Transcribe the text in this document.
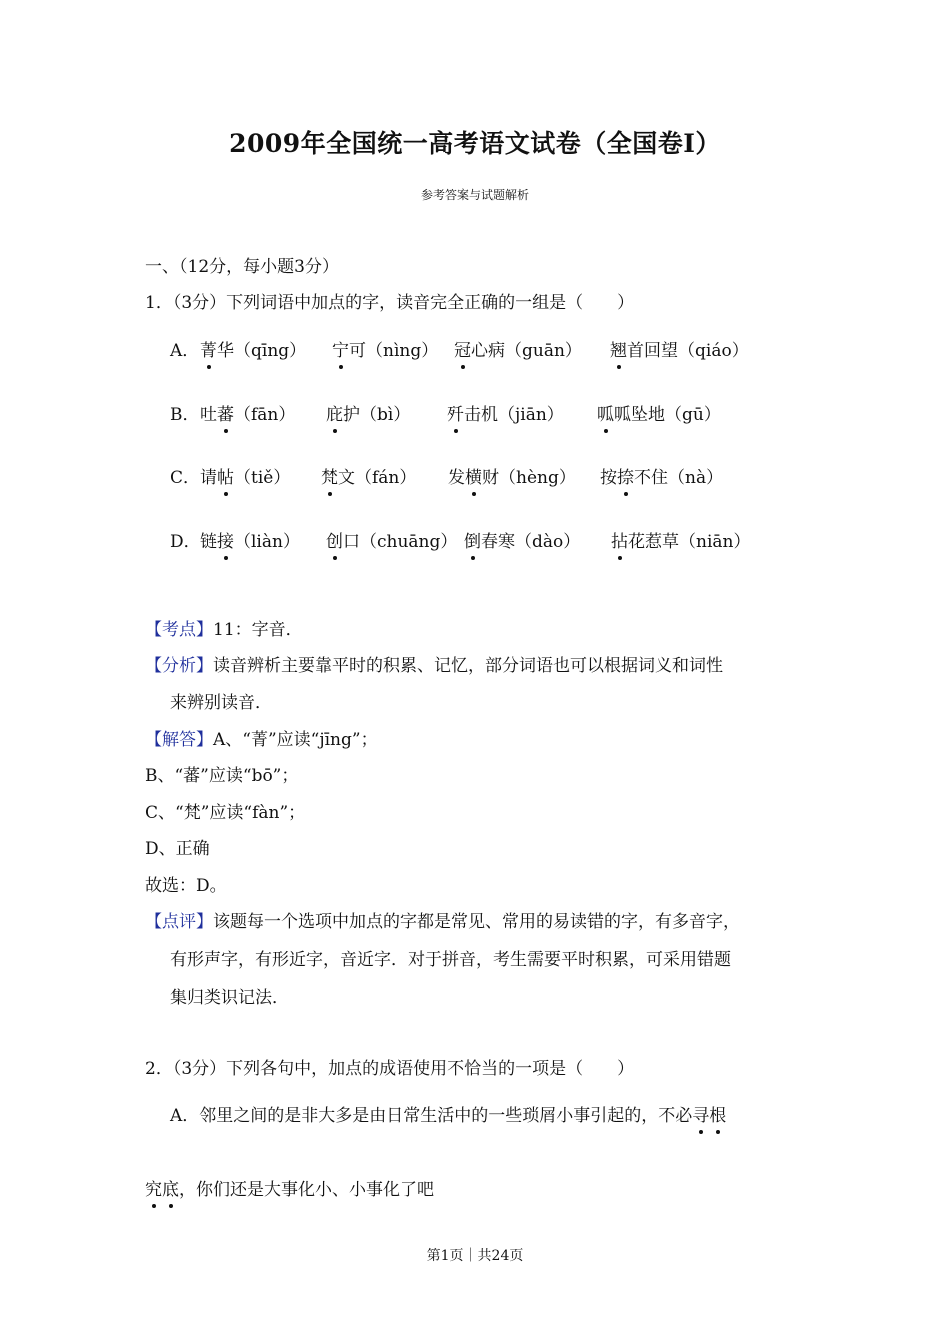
2009年全国统一高考语文试卷（全国卷Ⅰ）
参考答案与试题解析
一、（12分，每小题3分）
1．（3分）下列词语中加点的字，读音完全正确的一组是（　　）
A． 菁华（qīng） 宁可（nìng） 冠心病（guān） 翘首回望（qiáo）
B． 吐蕃（fān） 庇护（bì） 歼击机（jiān） 呱呱坠地（gū）
C． 请帖（tiě） 梵文（fán） 发横财（hèng） 按捺不住（nà）
D． 链接（liàn） 创口（chuāng） 倒春寒（dào） 拈花惹草（niān）
【考点】11：字音．
【分析】读音辨析主要靠平时的积累、记忆，部分词语也可以根据词义和词性
来辨别读音．
【解答】A、“菁”应读“jīng”；
B、“蕃”应读“bō”；
C、“梵”应读“fàn”；
D、正确
故选：D。
【点评】该题每一个选项中加点的字都是常见、常用的易读错的字，有多音字，
有形声字，有形近字，音近字．对于拼音，考生需要平时积累，可采用错题
集归类识记法．
2．（3分）下列各句中，加点的成语使用不恰当的一项是（　　）
A．邻里之间的是非大多是由日常生活中的一些琐屑小事引起的，不必寻根
究底，你们还是大事化小、小事化了吧
第1页｜共24页
